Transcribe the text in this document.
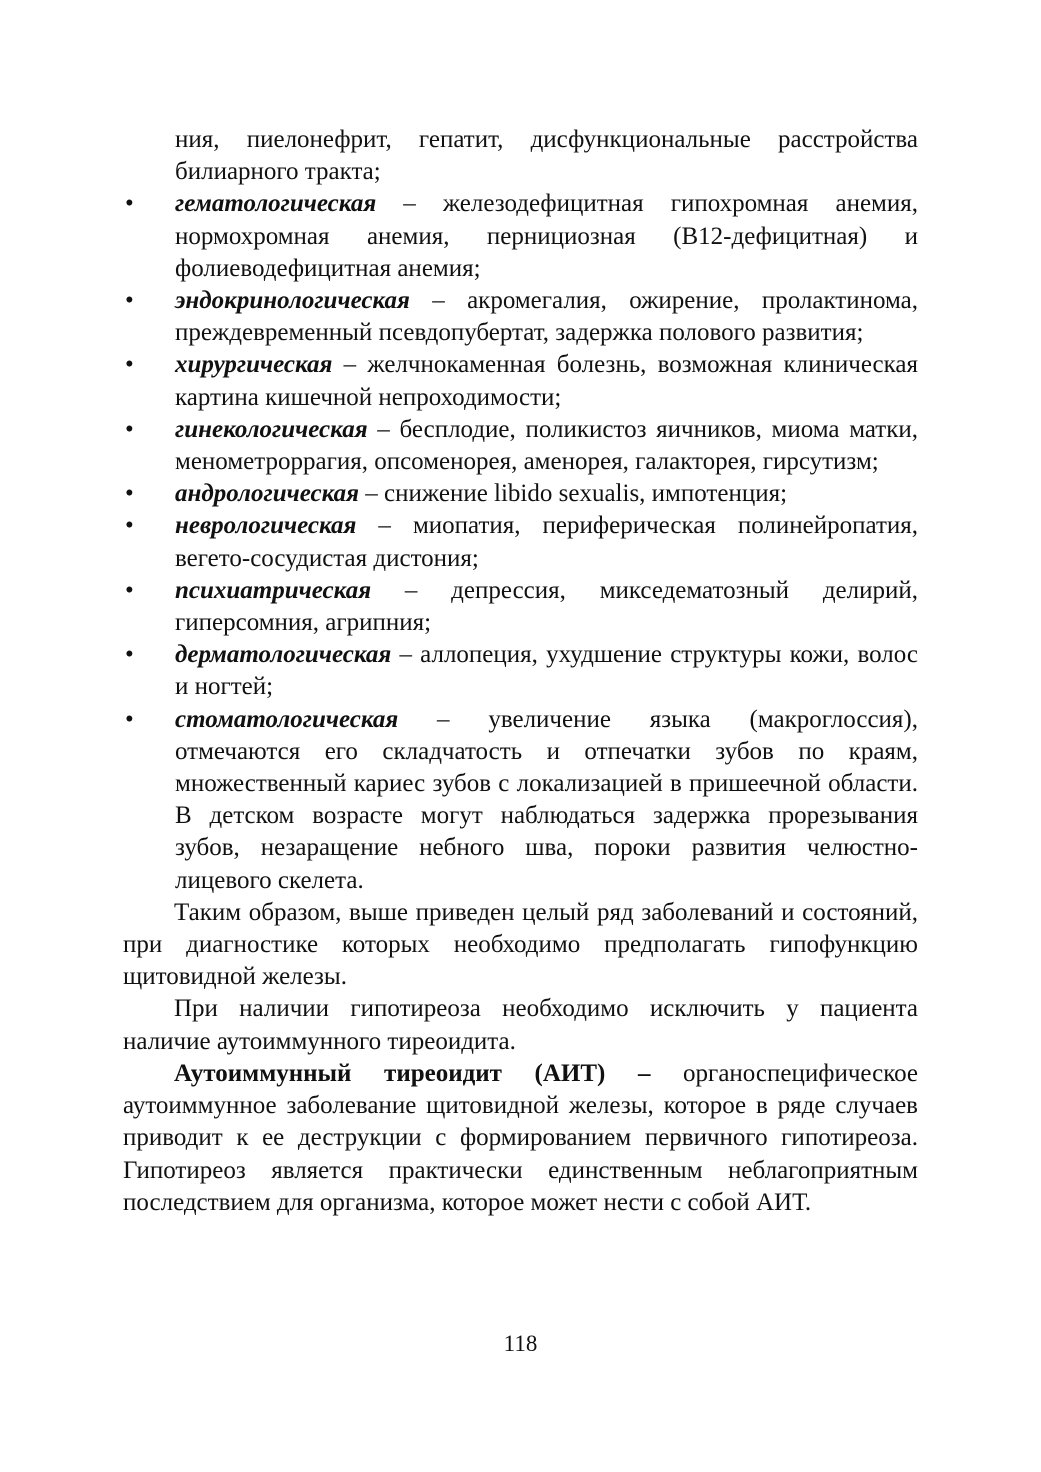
ния, пиелонефрит, гепатит, дисфункциональные расстройства билиарного тракта;

• гематологическая – железодефицитная гипохромная анемия, нормохромная анемия, пернициозная (В12-дефицитная) и фолиеводефицитная анемия;
• эндокринологическая – акромегалия, ожирение, пролактинома, преждевременный псевдопубертат, задержка полового развития;
• хирургическая – желчнокаменная болезнь, возможная клиническая картина кишечной непроходимости;
• гинекологическая – бесплодие, поликистоз яичников, миома матки, менометроррагия, опсоменорея, аменорея, галакторея, гирсутизм;
• андрологическая – снижение libido sexualis, импотенция;
• неврологическая – миопатия, периферическая полинейропатия, вегето-сосудистая дистония;
• психиатрическая – депрессия, микседематозный делирий, гиперсомния, агрипния;
• дерматологическая – аллопеция, ухудшение структуры кожи, волос и ногтей;
• стоматологическая – увеличение языка (макроглоссия), отмечаются его складчатость и отпечатки зубов по краям, множественный кариес зубов с локализацией в пришеечной области. В детском возрасте могут наблюдаться задержка прорезывания зубов, незаращение небного шва, пороки развития челюстно-лицевого скелета.

Таким образом, выше приведен целый ряд заболеваний и состояний, при диагностике которых необходимо предполагать гипофункцию щитовидной железы.

При наличии гипотиреоза необходимо исключить у пациента наличие аутоиммунного тиреоидита.

Аутоиммунный тиреоидит (АИТ) – органоспецифическое аутоиммунное заболевание щитовидной железы, которое в ряде случаев приводит к ее деструкции с формированием первичного гипотиреоза. Гипотиреоз является практически единственным неблагоприятным последствием для организма, которое может нести с собой АИТ.

118
